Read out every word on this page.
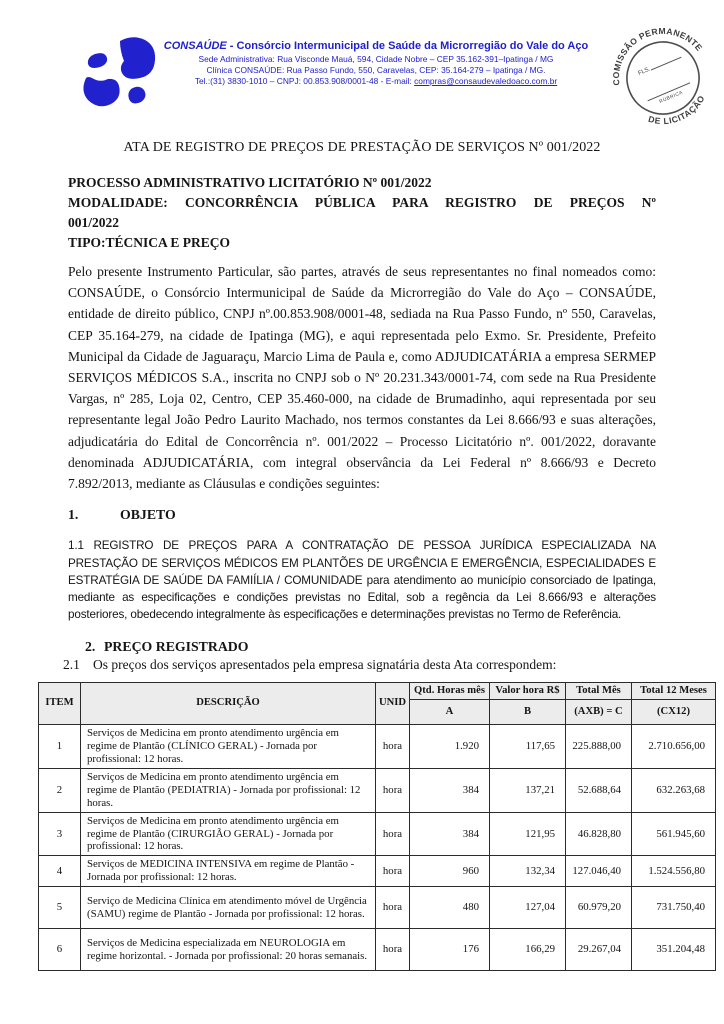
CONSAÚDE - Consórcio Intermunicipal de Saúde da Microrregião do Vale do Aço
Sede Administrativa: Rua Visconde Mauá, 594, Cidade Nobre – CEP 35.162-391–Ipatinga / MG
Clínica CONSAÚDE: Rua Passo Fundo, 550, Caravelas, CEP: 35.164-279 – Ipatinga / MG.
Tel.:(31) 3830-1010 – CNPJ: 00.853.908/0001-48 - E-mail: compras@consaudevaledoaco.com.br	COMISSÃO PERMANENTE
DE LICITAÇÃO
FLS.
RÚBRICA
ATA DE REGISTRO DE PREÇOS DE PRESTAÇÃO DE SERVIÇOS Nº 001/2022
PROCESSO ADMINISTRATIVO LICITATÓRIO Nº 001/2022
MODALIDADE: CONCORRÊNCIA PÚBLICA PARA REGISTRO DE PREÇOS Nº
001/2022
TIPO:TÉCNICA E PREÇO

Pelo presente Instrumento Particular, são partes, através de seus representantes no final nomeados como: CONSAÚDE, o Consórcio Intermunicipal de Saúde da Microrregião do Vale do Aço – CONSAÚDE, entidade de direito público, CNPJ nº.00.853.908/0001-48, sediada na Rua Passo Fundo, nº 550, Caravelas, CEP 35.164-279, na cidade de Ipatinga (MG), e aqui representada pelo Exmo. Sr. Presidente, Prefeito Municipal da Cidade de Jaguaraçu, Marcio Lima de Paula e, como ADJUDICATÁRIA a empresa SERMEP SERVIÇOS MÉDICOS S.A., inscrita no CNPJ sob o Nº 20.231.343/0001-74, com sede na Rua Presidente Vargas, nº 285, Loja 02, Centro, CEP 35.460-000, na cidade de Brumadinho, aqui representada por seu representante legal João Pedro Laurito Machado, nos termos constantes da Lei 8.666/93 e suas alterações, adjudicatária do Edital de Concorrência nº. 001/2022 – Processo Licitatório nº. 001/2022, doravante denominada ADJUDICATÁRIA, com integral observância da Lei Federal nº 8.666/93 e Decreto 7.892/2013, mediante as Cláusulas e condições seguintes:

1.	OBJETO

1.1 REGISTRO DE PREÇOS PARA A CONTRATAÇÃO DE PESSOA JURÍDICA ESPECIALIZADA NA PRESTAÇÃO DE SERVIÇOS MÉDICOS EM PLANTÕES DE URGÊNCIA E EMERGÊNCIA, ESPECIALIDADES E ESTRATÉGIA DE SAÚDE DA FAMIÍLIA / COMUNIDADE para atendimento ao município consorciado de Ipatinga, mediante as especificações e condições previstas no Edital, sob a regência da Lei 8.666/93 e alterações posteriores, obedecendo integralmente às especificações e determinações previstas no Termo de Referência.

2. PREÇO REGISTRADO
2.1 Os preços dos serviços apresentados pela empresa signatária desta Ata correspondem:
ITEM	DESCRIÇÃO	UNID	Qtd. Horas mês	Valor hora R$	Total Mês	Total 12 Meses
			A	B	(AXB) = C	(CX12)
1	Serviços de Medicina em pronto atendimento urgência em regime de Plantão (CLÍNICO GERAL) - Jornada por profissional: 12 horas.	hora	1.920	117,65	225.888,00	2.710.656,00
2	Serviços de Medicina em pronto atendimento urgência em regime de Plantão (PEDIATRIA) - Jornada por profissional: 12 horas.	hora	384	137,21	52.688,64	632.263,68
3	Serviços de Medicina em pronto atendimento urgência em regime de Plantão (CIRURGIÃO GERAL) - Jornada por profissional: 12 horas.	hora	384	121,95	46.828,80	561.945,60
4	Serviços de MEDICINA INTENSIVA em regime de Plantão - Jornada por profissional: 12 horas.	hora	960	132,34	127.046,40	1.524.556,80
5	Serviço de Medicina Clínica em atendimento móvel de Urgência (SAMU) regime de Plantão - Jornada por profissional: 12 horas.	hora	480	127,04	60.979,20	731.750,40
6	Serviços de Medicina especializada em NEUROLOGIA em regime horizontal. - Jornada por profissional: 20 horas semanais.	hora	176	166,29	29.267,04	351.204,48
